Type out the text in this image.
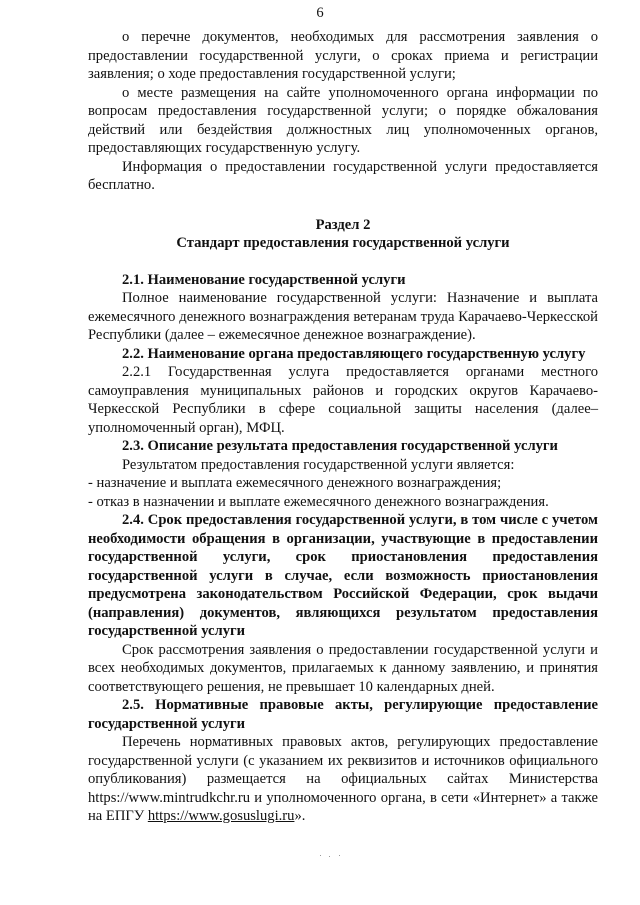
6

о перечне документов, необходимых для рассмотрения заявления о предоставлении государственной услуги, о сроках приема и регистрации заявления; о ходе предоставления государственной услуги;

о месте размещения на сайте уполномоченного органа информации по вопросам предоставления государственной услуги; о порядке обжалования действий или бездействия должностных лиц уполномоченных органов, предоставляющих государственную услугу.

Информация о предоставлении государственной услуги предоставляется бесплатно.

Раздел 2

Стандарт предоставления государственной услуги

2.1. Наименование государственной услуги

Полное наименование государственной услуги: Назначение и выплата ежемесячного денежного вознаграждения ветеранам труда Карачаево-Черкесской Республики (далее – ежемесячное денежное вознаграждение).

2.2. Наименование органа предоставляющего государственную услугу

2.2.1 Государственная услуга предоставляется органами местного самоуправления муниципальных районов и городских округов Карачаево-Черкесской Республики в сфере социальной защиты населения (далее– уполномоченный орган), МФЦ.

2.3. Описание результата предоставления государственной услуги

Результатом предоставления государственной услуги является:

- назначение и выплата ежемесячного денежного вознаграждения;

- отказ в назначении и выплате ежемесячного денежного вознаграждения.

2.4. Срок предоставления государственной услуги, в том числе с учетом необходимости обращения в организации, участвующие в предоставлении государственной услуги, срок приостановления предоставления государственной услуги в случае, если возможность приостановления предусмотрена законодательством Российской Федерации, срок выдачи (направления) документов, являющихся результатом предоставления государственной услуги

Срок рассмотрения заявления о предоставлении государственной услуги и всех необходимых документов, прилагаемых к данному заявлению, и принятия соответствующего решения, не превышает 10 календарных дней.

2.5. Нормативные правовые акты, регулирующие предоставление государственной услуги

Перечень нормативных правовых актов, регулирующих предоставление государственной услуги (с указанием их реквизитов и источников официального опубликования) размещается на официальных сайтах Министерства https://www.mintrudkchr.ru и уполномоченного органа, в сети «Интернет» а также на ЕПГУ https://www.gosuslugi.ru».
